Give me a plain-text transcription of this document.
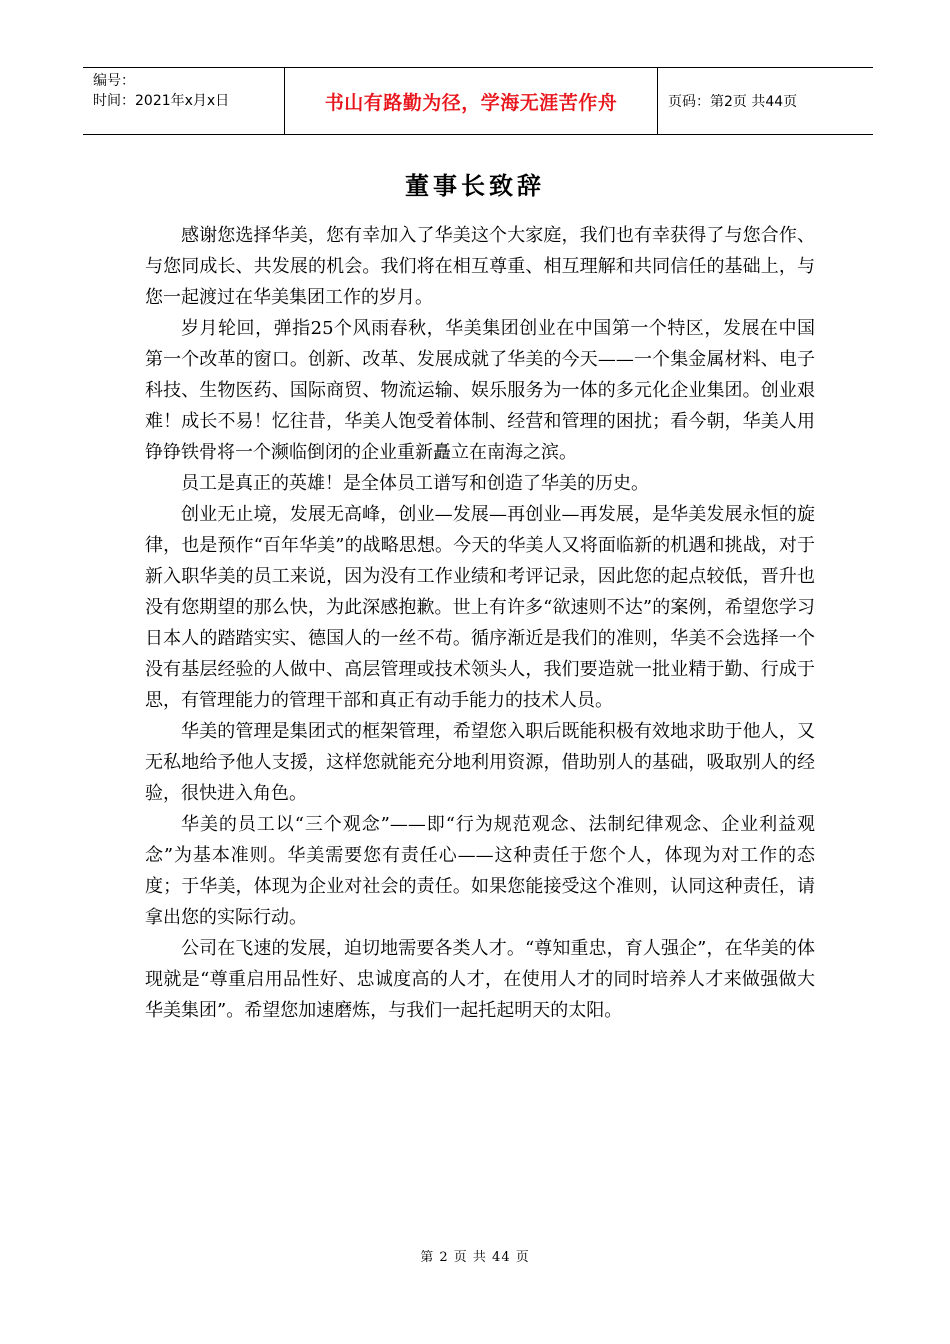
编号：
时间：2021年x月x日	书山有路勤为径，学海无涯苦作舟	页码：第2页 共44页
董事长致辞

感谢您选择华美，您有幸加入了华美这个大家庭，我们也有幸获得了与您合作、与您同成长、共发展的机会。我们将在相互尊重、相互理解和共同信任的基础上，与您一起渡过在华美集团工作的岁月。

岁月轮回，弹指25个风雨春秋，华美集团创业在中国第一个特区，发展在中国第一个改革的窗口。创新、改革、发展成就了华美的今天——一个集金属材料、电子科技、生物医药、国际商贸、物流运输、娱乐服务为一体的多元化企业集团。创业艰难！成长不易！忆往昔，华美人饱受着体制、经营和管理的困扰；看今朝，华美人用铮铮铁骨将一个濒临倒闭的企业重新矗立在南海之滨。

员工是真正的英雄！是全体员工谱写和创造了华美的历史。

创业无止境，发展无高峰，创业—发展—再创业—再发展，是华美发展永恒的旋律，也是预作“百年华美”的战略思想。今天的华美人又将面临新的机遇和挑战，对于新入职华美的员工来说，因为没有工作业绩和考评记录，因此您的起点较低，晋升也没有您期望的那么快，为此深感抱歉。世上有许多“欲速则不达”的案例，希望您学习日本人的踏踏实实、德国人的一丝不苟。循序渐近是我们的准则，华美不会选择一个没有基层经验的人做中、高层管理或技术领头人，我们要造就一批业精于勤、行成于思，有管理能力的管理干部和真正有动手能力的技术人员。

华美的管理是集团式的框架管理，希望您入职后既能积极有效地求助于他人，又无私地给予他人支援，这样您就能充分地利用资源，借助别人的基础，吸取别人的经验，很快进入角色。

华美的员工以“三个观念”——即“行为规范观念、法制纪律观念、企业利益观念”为基本准则。华美需要您有责任心——这种责任于您个人，体现为对工作的态度；于华美，体现为企业对社会的责任。如果您能接受这个准则，认同这种责任，请拿出您的实际行动。

公司在飞速的发展，迫切地需要各类人才。“尊知重忠，育人强企”，在华美的体现就是“尊重启用品性好、忠诚度高的人才，在使用人才的同时培养人才来做强做大华美集团”。希望您加速磨炼，与我们一起托起明天的太阳。

第 2 页 共 44 页
